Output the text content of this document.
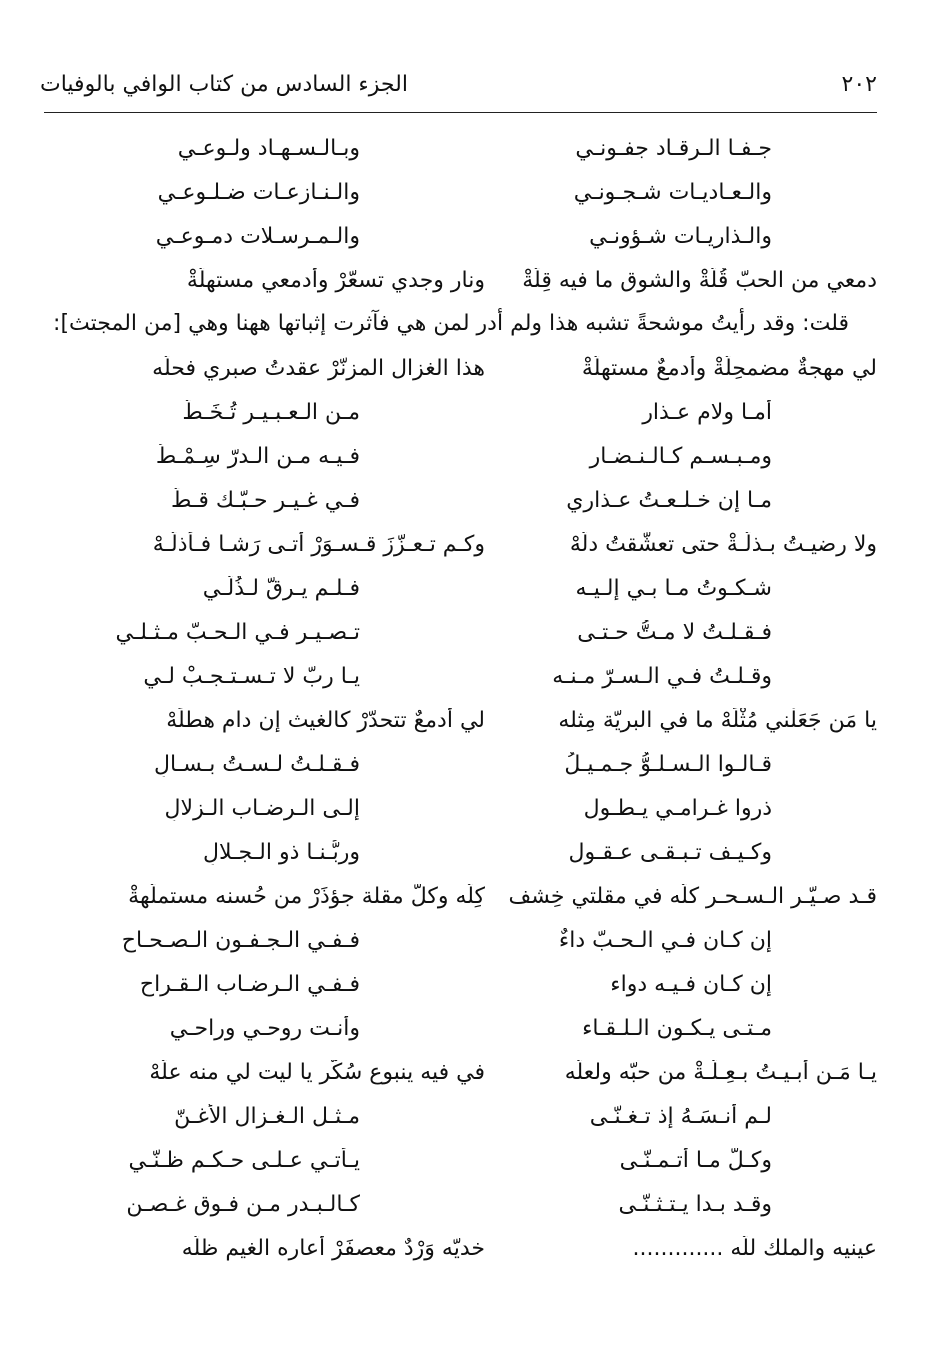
٢٠٢
الجزء السادس من كتاب الوافي بالوفيات
جـفـا الـرقـاد جفـونـي
وبـالـسـهـاد ولـوعـي
والـعـاديـات شـجـونـي
والـنـازعـات ضـلـوعـي
والـذاريـات شـؤونـي
والـمـرسـلات دمـوعـي
دمعي من الحبّ قُلّةْ والشوق ما فيه قِلّةْ
ونار وجدي تسعّرْ وأدمعي مستهلّةْ

قلت: وقد رأيتُ موشحةً تشبه هذا ولم أدر لمن هي فآثرت إثباتها ههنا وهي [من المجتث]:

لي مهجةٌ مضمحِلّةْ وأدمعٌ مستهلّةْ
هذا الغزال المزنّرْ عقدتُ صبري فحلّه
أمـا ولام عـذارِ
مـن الـعـبـيـر تُـخَـطُّ
ومـبـسـم كـالـنـضـار
فـيـه مـن الـدرّ سِـمْـطُ
مـا إن خـلـعـتُ عـذاري
فـي غـيـر حـبّـك قـطُّ
ولا رضيـتُ بـذلّـةْ حتى تعشّقتُ دلّهْ
وكـم تـعـزّزَ قـسـوَرْ أتـى رَشـا فـأذلّـهْ
شـكـوتُ مـا بـي إلـيـه
فـلـم يـرقّ لـذُلّـي
فـقـلـتُ لا مـتُّ حـتـى
تـصـيـر فـي الـحـبّ مـثـلـي
وقـلـتُ فـي الـسـرّ مـنـه
يـا ربّ لا تـسـتـجـبْ لـي
يا مَن جَعَلْني مُثْلَهْ ما في البريّة مِثله
لي أدمعٌ تتحدّرْ كالغيث إن دام هطلَهْ
قـالـوا الـسـلـوُّ جـمـيـلُ
فـقـلـتُ لـسـتُ بـسـالِ
ذروا غـرامـي يـطـول
إلـى الـرضـاب الـزلالِ
وكـيـف تـبـقـى عـقـول
وربُّـنـا ذو الـجـلالِ
قـد صـيّـر الـسـحـر كلّه في مقلتي خِشف
كِلّه وكلُّ مقلة جؤذَرْ من حُسنه مستملّهةْ
إن كـان فـي الـحـبّ داءٌ
فـفـي الـجـفـون الـصـحـاح
إن كـان فـيـه دواء
فـفـي الـرضـاب الـقـراح
مـتـى يـكـون الـلـقـاء
وأنـت روحـي وراحـي
يـا مَـن أبـيـتُ بـعِـلّـةْ من حبّه ولعلّه
في فيه ينبوع سُكّرِ يا ليت لي منه علّهْ
لـم أنـسَـهُ إذ تـغـنّـى
مـثـل الـغـزال الأغـنّ
وكـلّ مـا أتـمـنّـى
يـأتـي عـلـى حـكـم ظـنّـي
وقـد بـدا يـتـثـنّـى
كـالـبـدر مـن فـوق غـصـن
عينيه والملك للّه .............
خديّه وَرْدٌ معصفَرْ أعاره الغيم ظلّه
